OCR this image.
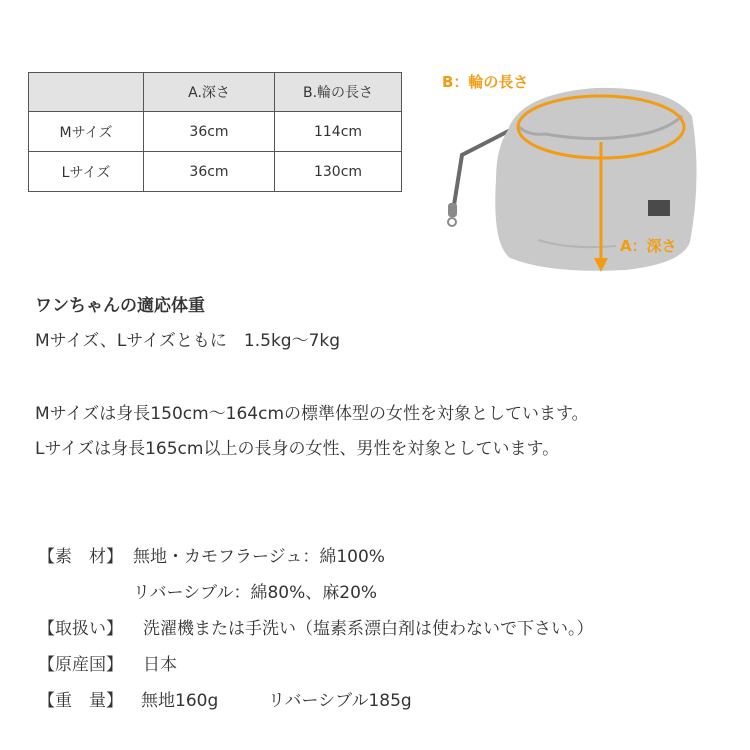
	A.深さ	B.輪の長さ
Mサイズ	36cm	114cm
Lサイズ	36cm	130cm
B：輪の長さ
A：深さ
ワンちゃんの適応体重
Mサイズ、Lサイズともに　1.5kg〜7kg
Mサイズは身長150cm〜164cmの標準体型の女性を対象としています。
Lサイズは身長165cm以上の長身の女性、男性を対象としています。
【素　材】 無地・カモフラージュ：綿100%
リバーシブル：綿80%、麻20%
【取扱い】 洗濯機または手洗い（塩素系漂白剤は使わないで下さい。）
【原産国】 日本
【重　量】 無地160g	リバーシブル185g
